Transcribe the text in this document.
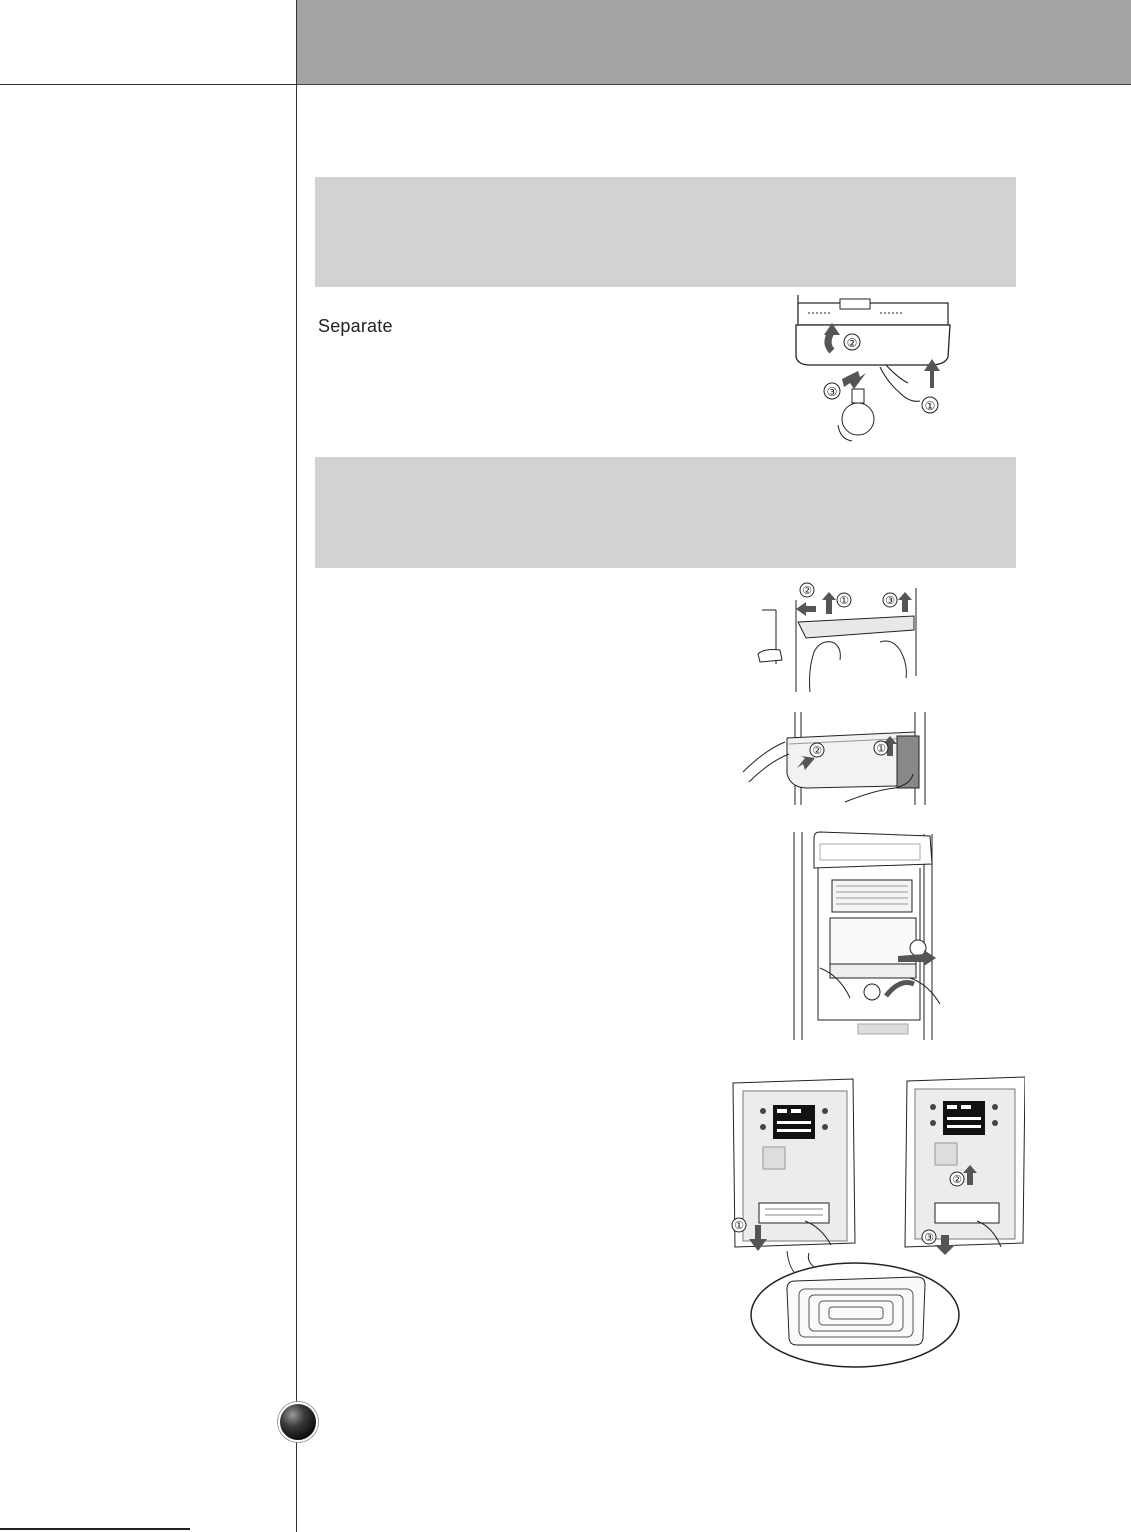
Separate
②
①
③
②
①	③
①
②
①
②
③
